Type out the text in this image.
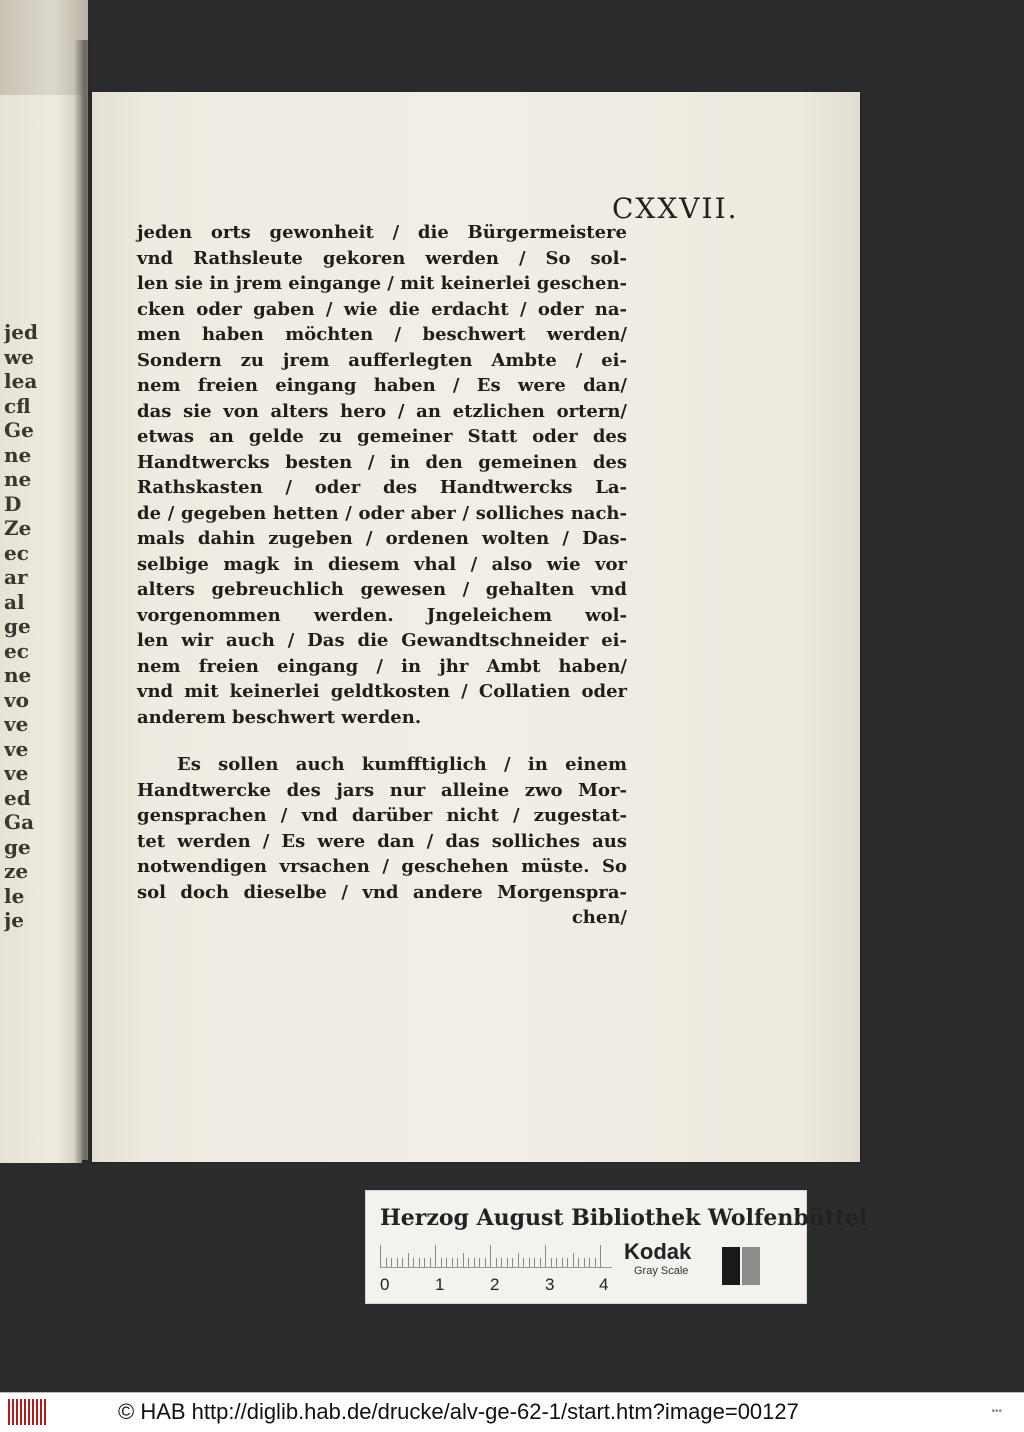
jed
we
lea
cfl
Ge
ne
ne
D
Ze
ec
ar
al
ge
ec
ne
vo
ve
ve
ve
ed
Ga
ge
ze
le
je
CXXVII.
jeden orts gewonheit / die Bürgermeistere
vnd Rathsleute gekoren werden / So sol-
len sie in jrem eingange / mit keinerlei geschen-
cken oder gaben / wie die erdacht / oder na-
men haben möchten / beschwert werden/
Sondern zu jrem aufferlegten Ambte / ei-
nem freien eingang haben / Es were dan/
das sie von alters hero / an etzlichen ortern/
etwas an gelde zu gemeiner Statt oder des
Handtwercks besten / in den gemeinen des
Rathskasten / oder des Handtwercks La-
de / gegeben hetten / oder aber / solliches nach-
mals dahin zugeben / ordenen wolten / Das-
selbige magk in diesem vhal / also wie vor
alters gebreuchlich gewesen / gehalten vnd
vorgenommen werden. Jngeleichem wol-
len wir auch / Das die Gewandtschneider ei-
nem freien eingang / in jhr Ambt haben/
vnd mit keinerlei geldtkosten / Collatien oder
anderem beschwert werden.
Es sollen auch kumfftiglich / in einem
Handtwercke des jars nur alleine zwo Mor-
gensprachen / vnd darüber nicht / zugestat-
tet werden / Es were dan / das solliches aus
notwendigen vrsachen / geschehen müste. So
sol doch dieselbe / vnd andere Morgenspra-
chen/
Herzog August Bibliothek Wolfenbüttel
0	1	2	3	4
Kodak
Gray Scale
© HAB http://diglib.hab.de/drucke/alv-ge-62-1/start.htm?image=00127	•••
